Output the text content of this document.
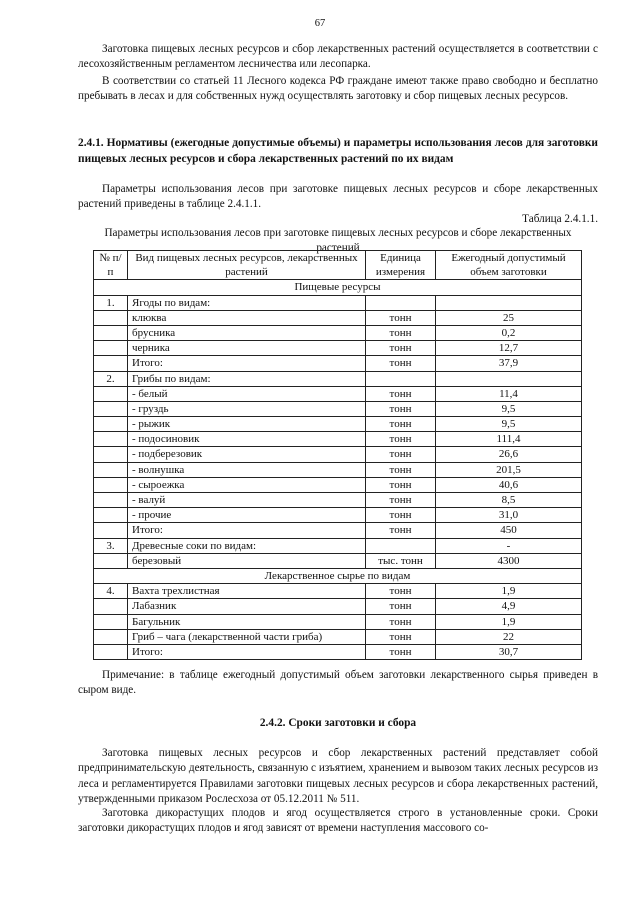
67
Заготовка пищевых лесных ресурсов и сбор лекарственных растений осуществляется в соответствии с лесохозяйственным регламентом лесничества или лесопарка.
В соответствии со статьей 11 Лесного кодекса РФ граждане имеют также право свободно и бесплатно пребывать в лесах и для собственных нужд осуществлять заготовку и сбор пищевых лесных ресурсов.
2.4.1. Нормативы (ежегодные допустимые объемы) и параметры использования лесов для заготовки пищевых лесных ресурсов и сбора лекарственных растений по их видам
Параметры использования лесов при заготовке пищевых лесных ресурсов и сборе лекарственных растений приведены в таблице 2.4.1.1.
Таблица 2.4.1.1.
Параметры использования лесов при заготовке пищевых лесных ресурсов и сборе лекарственных растений
№ п/п	Вид пищевых лесных ресурсов, лекарственных растений	Единица измерения	Ежегодный допустимый объем заготовки
Пищевые ресурсы			
1.	Ягоды по видам:		
	клюква	тонн	25
	брусника	тонн	0,2
	черника	тонн	12,7
	Итого:	тонн	37,9
2.	Грибы по видам:		
	- белый	тонн	11,4
	- груздь	тонн	9,5
	- рыжик	тонн	9,5
	- подосиновик	тонн	111,4
	- подберезовик	тонн	26,6
	- волнушка	тонн	201,5
	- сыроежка	тонн	40,6
	- валуй	тонн	8,5
	- прочие	тонн	31,0
	Итого:	тонн	450
3.	Древесные соки по видам:		-
	березовый	тыс. тонн	4300
Лекарственное сырье по видам			
4.	Вахта трехлистная	тонн	1,9
	Лабазник	тонн	4,9
	Багульник	тонн	1,9
	Гриб – чага (лекарственной части гриба)	тонн	22
	Итого:	тонн	30,7
Примечание: в таблице ежегодный допустимый объем заготовки лекарственного сырья приведен в сыром виде.
2.4.2. Сроки заготовки и сбора
Заготовка пищевых лесных ресурсов и сбор лекарственных растений представляет собой предпринимательскую деятельность, связанную с изъятием, хранением и вывозом таких лесных ресурсов из леса и регламентируется Правилами заготовки пищевых лесных ресурсов и сбора лекарственных растений, утвержденными приказом Рослесхоза от 05.12.2011 № 511.
Заготовка дикорастущих плодов и ягод осуществляется строго в установленные сроки. Сроки заготовки дикорастущих плодов и ягод зависят от времени наступления массового со-
